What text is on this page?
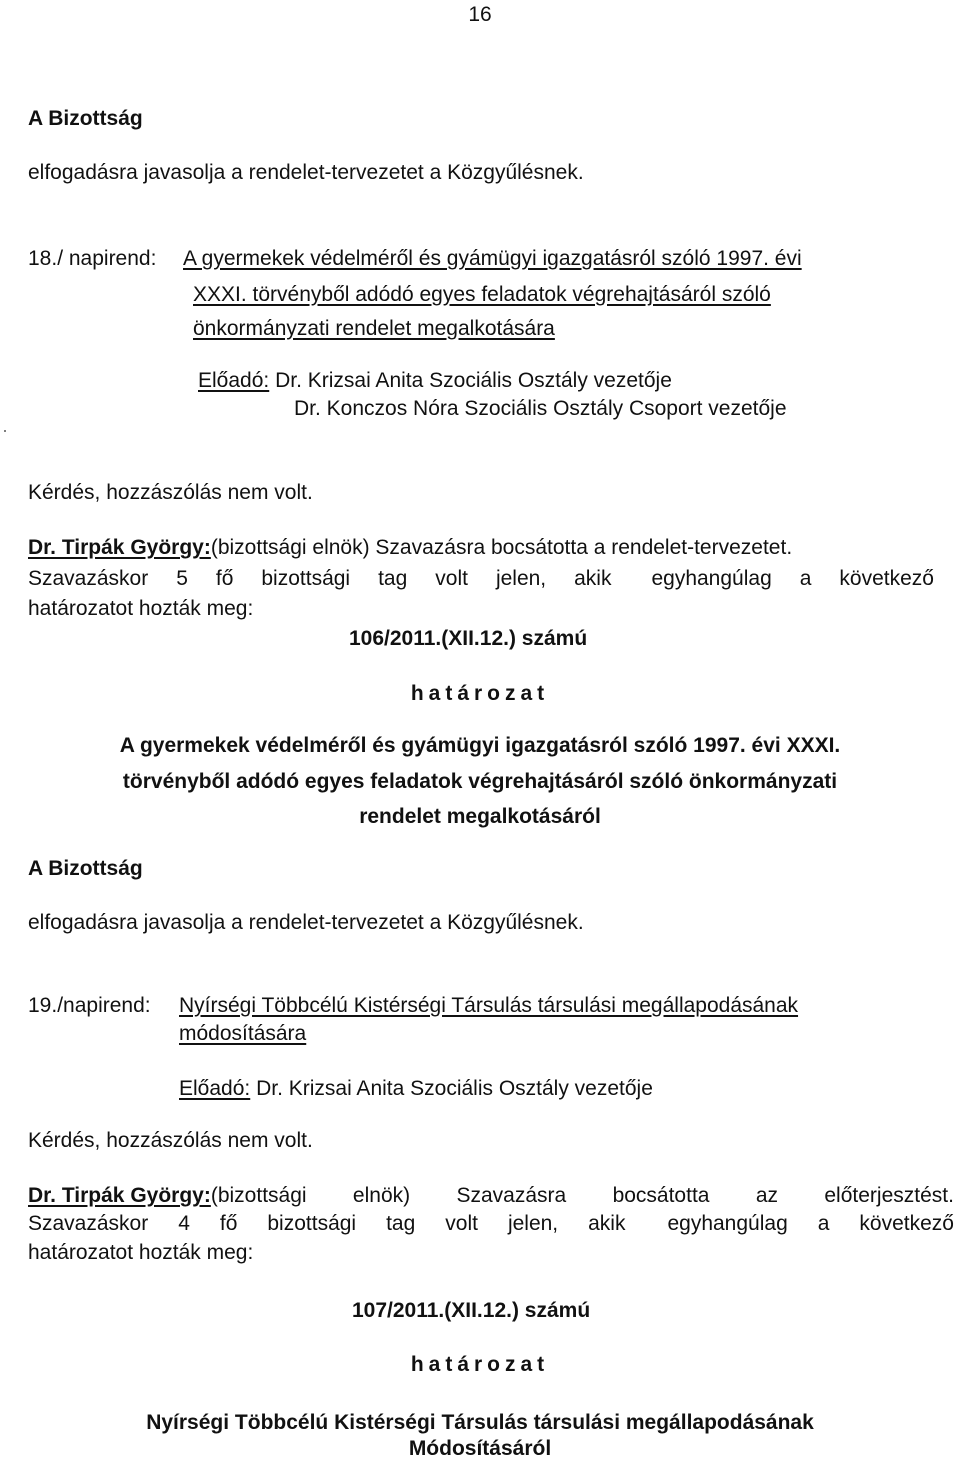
16
A Bizottság
elfogadásra javasolja a rendelet-tervezetet a Közgyűlésnek.
18./ napirend: A gyermekek védelméről és gyámügyi igazgatásról szóló 1997. évi
XXXI. törvényből adódó egyes feladatok végrehajtásáról szóló
önkormányzati rendelet megalkotására
Előadó: Dr. Krizsai Anita Szociális Osztály vezetője
Dr. Konczos Nóra Szociális Osztály Csoport vezetője
Kérdés, hozzászólás nem volt.
Dr. Tirpák György:(bizottsági elnök) Szavazásra bocsátotta a rendelet-tervezetet.
Szavazáskor 5 fő bizottsági tag volt jelen, akik egyhangúlag a következő
határozatot hozták meg:
106/2011.(XII.12.) számú
határozat
A gyermekek védelméről és gyámügyi igazgatásról szóló 1997. évi XXXI.
törvényből adódó egyes feladatok végrehajtásáról szóló önkormányzati
rendelet megalkotásáról
A Bizottság
elfogadásra javasolja a rendelet-tervezetet a Közgyűlésnek.
19./napirend: Nyírségi Többcélú Kistérségi Társulás társulási megállapodásának
módosítására
Előadó: Dr. Krizsai Anita Szociális Osztály vezetője
Kérdés, hozzászólás nem volt.
Dr. Tirpák György:(bizottsági elnök) Szavazásra bocsátotta az előterjesztést.
Szavazáskor 4 fő bizottsági tag volt jelen, akik egyhangúlag a következő
határozatot hozták meg:
107/2011.(XII.12.) számú
határozat
Nyírségi Többcélú Kistérségi Társulás társulási megállapodásának
Módosításáról
